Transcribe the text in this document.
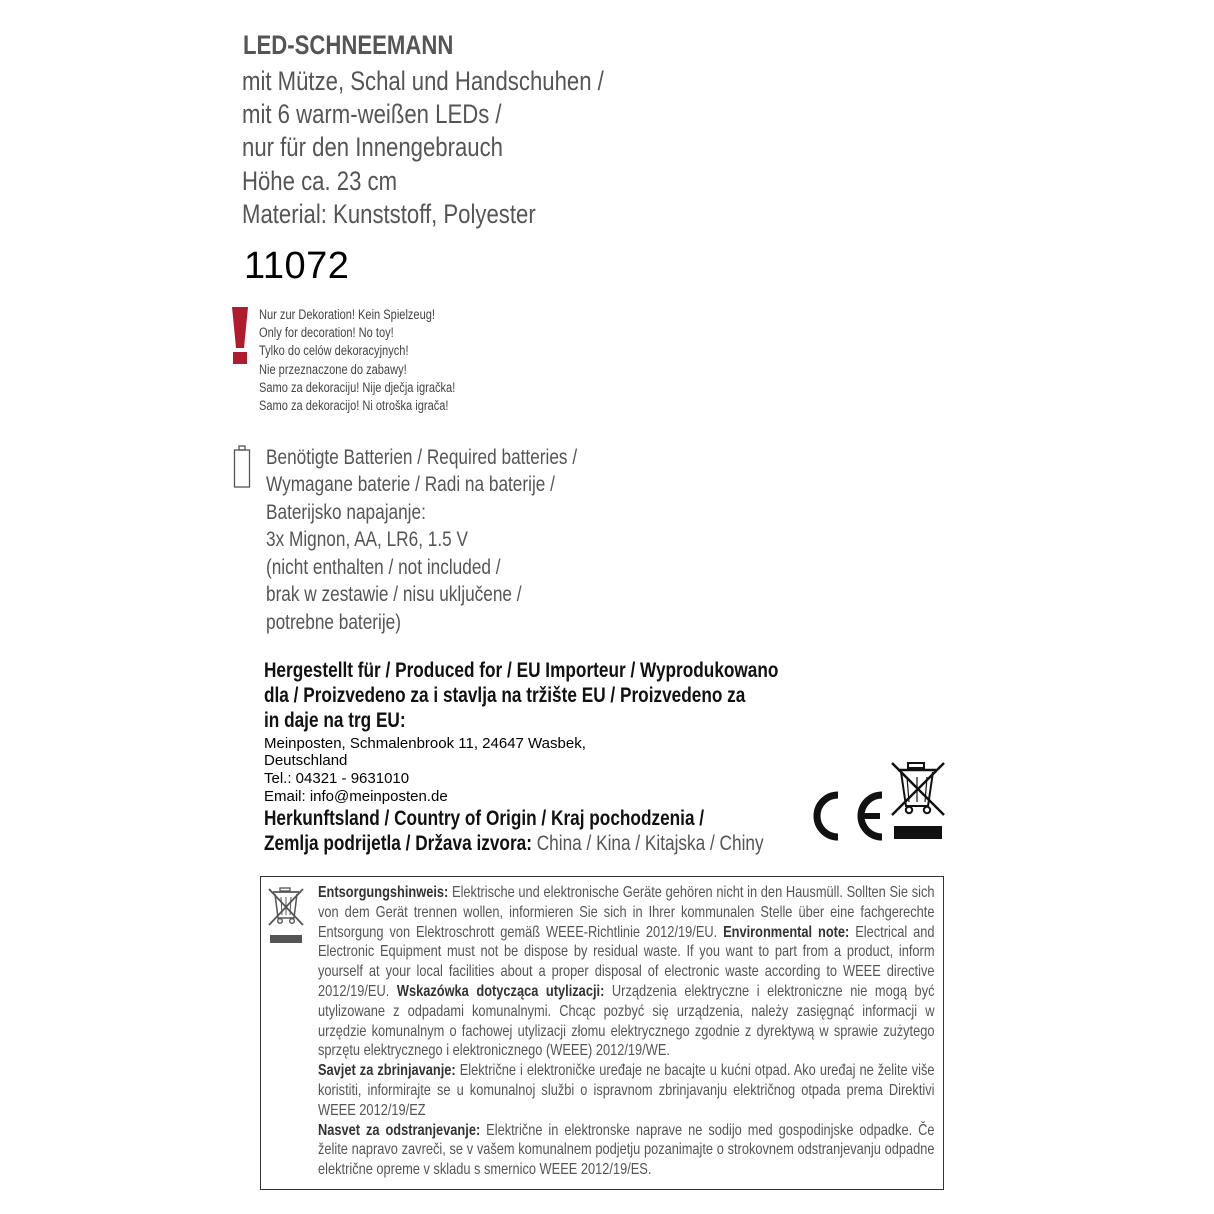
LED-SCHNEEMANN
mit Mütze, Schal und Handschuhen /
mit 6 warm-weißen LEDs /
nur für den Innengebrauch
Höhe ca. 23 cm
Material: Kunststoff, Polyester
11072
Nur zur Dekoration! Kein Spielzeug!
Only for decoration! No toy!
Tylko do celów dekoracyjnych!
Nie przeznaczone do zabawy!
Samo za dekoraciju! Nije dječja igračka!
Samo za dekoracijo! Ni otroška igrača!
Benötigte Batterien / Required batteries /
Wymagane baterie / Radi na baterije /
Baterijsko napajanje:
3x Mignon, AA, LR6, 1.5 V
(nicht enthalten / not included /
brak w zestawie / nisu uključene /
potrebne baterije)
Hergestellt für / Produced for / EU Importeur / Wyprodukowano
dla / Proizvedeno za i stavlja na tržište EU / Proizvedeno za
in daje na trg EU:
Meinposten, Schmalenbrook 11, 24647 Wasbek,
Deutschland
Tel.: 04321 - 9631010
Email: info@meinposten.de
Herkunftsland / Country of Origin / Kraj pochodzenia /
Zemlja podrijetla / Država izvora: China / Kina / Kitajska / Chiny
Entsorgungshinweis: Elektrische und elektronische Geräte gehören nicht in den Hausmüll. Sollten Sie sich von dem Gerät trennen wollen, informieren Sie sich in Ihrer kommunalen Stelle über eine fachgerechte Entsorgung von Elektroschrott gemäß WEEE-Richtlinie 2012/19/EU. Environmental note: Electrical and Electronic Equipment must not be dispose by residual waste. If you want to part from a product, inform yourself at your local facilities about a proper disposal of electronic waste according to WEEE directive 2012/19/EU. Wskazówka dotycząca utylizacji: Urządzenia elektryczne i elektroniczne nie mogą być utylizowane z odpadami komunalnymi. Chcąc pozbyć się urządzenia, należy zasięgnąć informacji w urzędzie komunalnym o fachowej utylizacji złomu elektrycznego zgodnie z dyrektywą w sprawie zużytego sprzętu elektrycznego i elektronicznego (WEEE) 2012/19/WE.
Savjet za zbrinjavanje: Električne i elektroničke uređaje ne bacajte u kućni otpad. Ako uređaj ne želite više koristiti, informirajte se u komunalnoj službi o ispravnom zbrinjavanju električnog otpada prema Direktivi WEEE 2012/19/EZ
Nasvet za odstranjevanje: Električne in elektronske naprave ne sodijo med gospodinjske odpadke. Če želite napravo zavreči, se v vašem komunalnem podjetju pozanimajte o strokovnem odstranjevanju odpadne električne opreme v skladu s smernico WEEE 2012/19/ES.
